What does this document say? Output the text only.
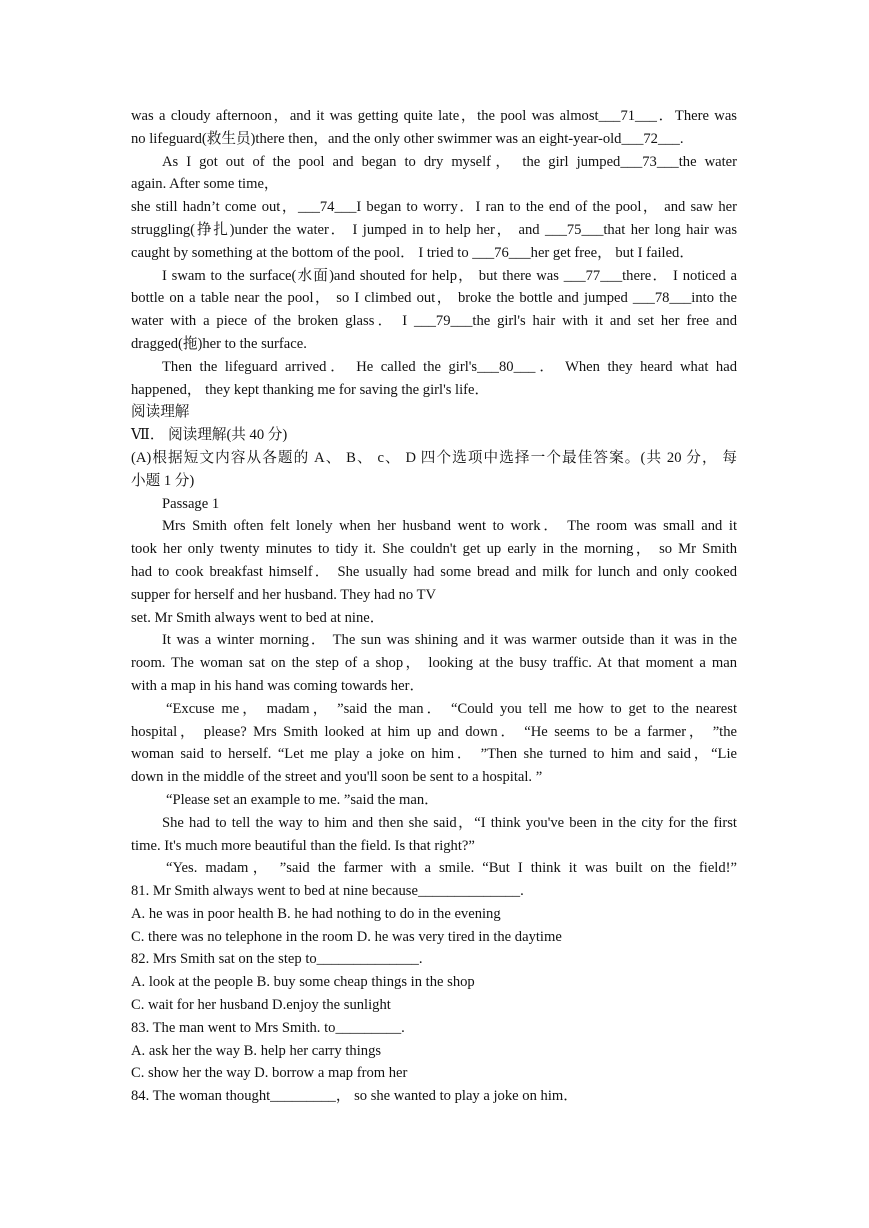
was a cloudy afternoon，and it was getting quite late，the pool was almost___71___．There was
no lifeguard(救生员)there then，and the only other swimmer was an eight-year-old___72___.
As I got out of the pool and began to dry myself， the girl jumped___73___the water
again. After some time，
she still hadn’t come out，___74___I began to worry．I ran to the end of the pool， and saw her
struggling(挣扎)under the water． I jumped in to help her， and ___75___that her long hair was
caught by something at the bottom of the pool． I tried to ___76___her get free， but I failed．
I swam to the surface(水面)and shouted for help， but there was ___77___there． I noticed a
bottle on a table near the pool， so I climbed out， broke the bottle and jumped ___78___into the
water with a piece of the broken glass． I ___79___the girl's hair with it and set her free and
dragged(拖)her to the surface.
Then the lifeguard arrived． He called the girl's___80___． When they heard what had
happened， they kept thanking me for saving the girl's life．
阅读理解
Ⅶ． 阅读理解(共 40 分)
(A)根据短文内容从各题的 A、 B、 c、 D 四个选项中选择一个最佳答案。(共 20 分， 每
小题 1 分)
Passage 1
Mrs Smith often felt lonely when her husband went to work． The room was small and it
took her only twenty minutes to tidy it. She couldn't get up early in the morning， so Mr Smith
had to cook breakfast himself． She usually had some bread and milk for lunch and only cooked
supper for herself and her husband. They had no TV
set. Mr Smith always went to bed at nine．
It was a winter morning． The sun was shining and it was warmer outside than it was in the
room. The woman sat on the step of a shop， looking at the busy traffic. At that moment a man
with a map in his hand was coming towards her．
“Excuse me， madam， ”said the man． “Could you tell me how to get to the nearest
hospital， please? Mrs Smith looked at him up and down． “He seems to be a farmer， ”the
woman said to herself. “Let me play a joke on him． ”Then she turned to him and said，“Lie
down in the middle of the street and you'll soon be sent to a hospital. ”
“Please set an example to me. ”said the man．
She had to tell the way to him and then she said，“I think you've been in the city for the first
time. It's much more beautiful than the field. Is that right?”
“Yes. madam， ”said the farmer with a smile. “But I think it was built on the field!”
81. Mr Smith always went to bed at nine because______________.
A. he was in poor health B. he had nothing to do in the evening
C. there was no telephone in the room D. he was very tired in the daytime
82. Mrs Smith sat on the step to______________.
A. look at the people B. buy some cheap things in the shop
C. wait for her husband D.enjoy the sunlight
83. The man went to Mrs Smith. to_________.
A. ask her the way B. help her carry things
C. show her the way D. borrow a map from her
84. The woman thought_________， so she wanted to play a joke on him．
